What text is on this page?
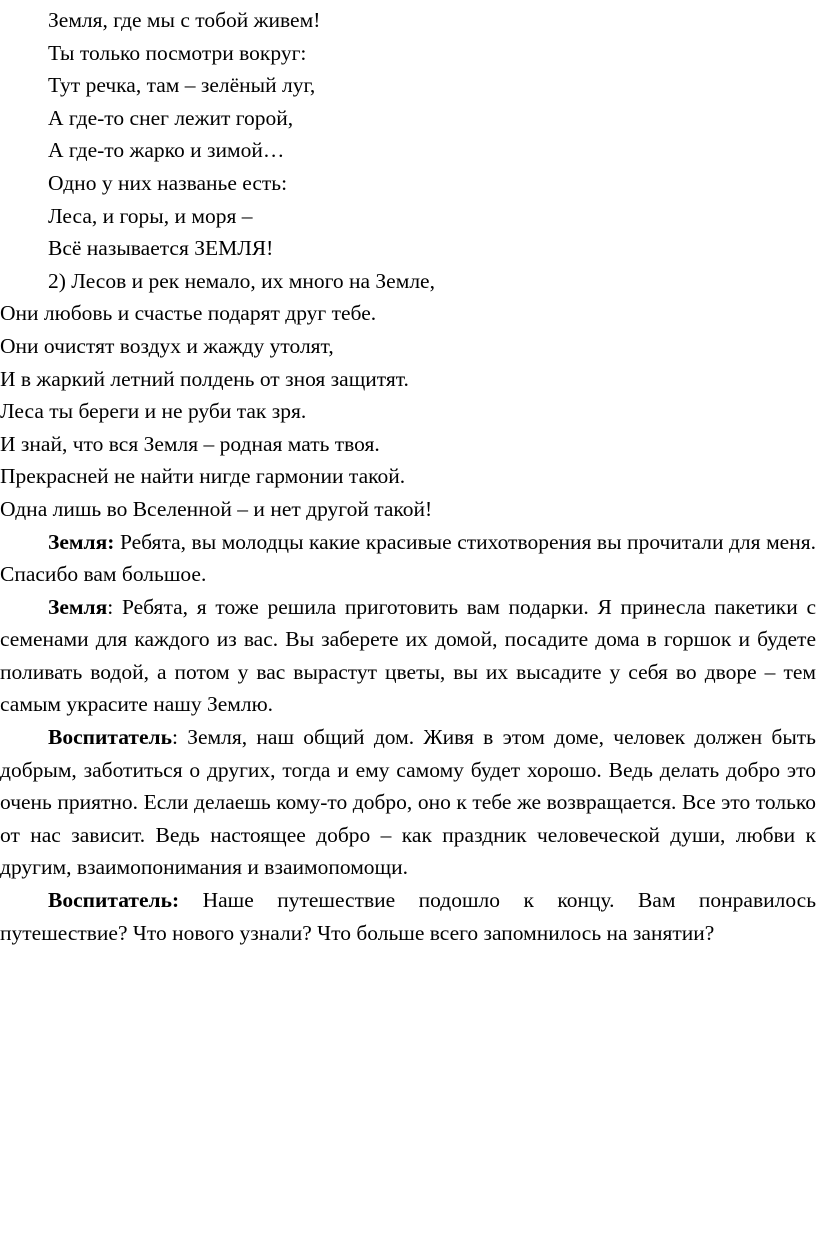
Земля, где мы с тобой живем!
Ты только посмотри вокруг:
Тут речка, там – зелёный луг,
А где-то снег лежит горой,
А где-то жарко и зимой…
Одно у них названье есть:
Леса, и горы, и моря –
Всё называется ЗЕМЛЯ!
2) Лесов и рек немало, их много на Земле,
Они любовь и счастье подарят друг тебе.
Они очистят воздух и жажду утолят,
И в жаркий летний полдень от зноя защитят.
Леса ты береги и не руби так зря.
И знай, что вся Земля – родная мать твоя.
Прекрасней не найти нигде гармонии такой.
Одна лишь во Вселенной – и нет другой такой!

Земля: Ребята, вы молодцы какие красивые стихотворения вы прочитали для меня. Спасибо вам большое.

Земля: Ребята, я тоже решила приготовить вам подарки. Я принесла пакетики с семенами для каждого из вас. Вы заберете их домой, посадите дома в горшок и будете поливать водой, а потом у вас вырастут цветы, вы их высадите у себя во дворе – тем самым украсите нашу Землю.

Воспитатель: Земля, наш общий дом. Живя в этом доме, человек должен быть добрым, заботиться о других, тогда и ему самому будет хорошо. Ведь делать добро это очень приятно. Если делаешь кому-то добро, оно к тебе же возвращается. Все это только от нас зависит. Ведь настоящее добро – как праздник человеческой души, любви к другим, взаимопонимания и взаимопомощи.

Воспитатель: Наше путешествие подошло к концу. Вам понравилось путешествие? Что нового узнали? Что больше всего запомнилось на занятии?
